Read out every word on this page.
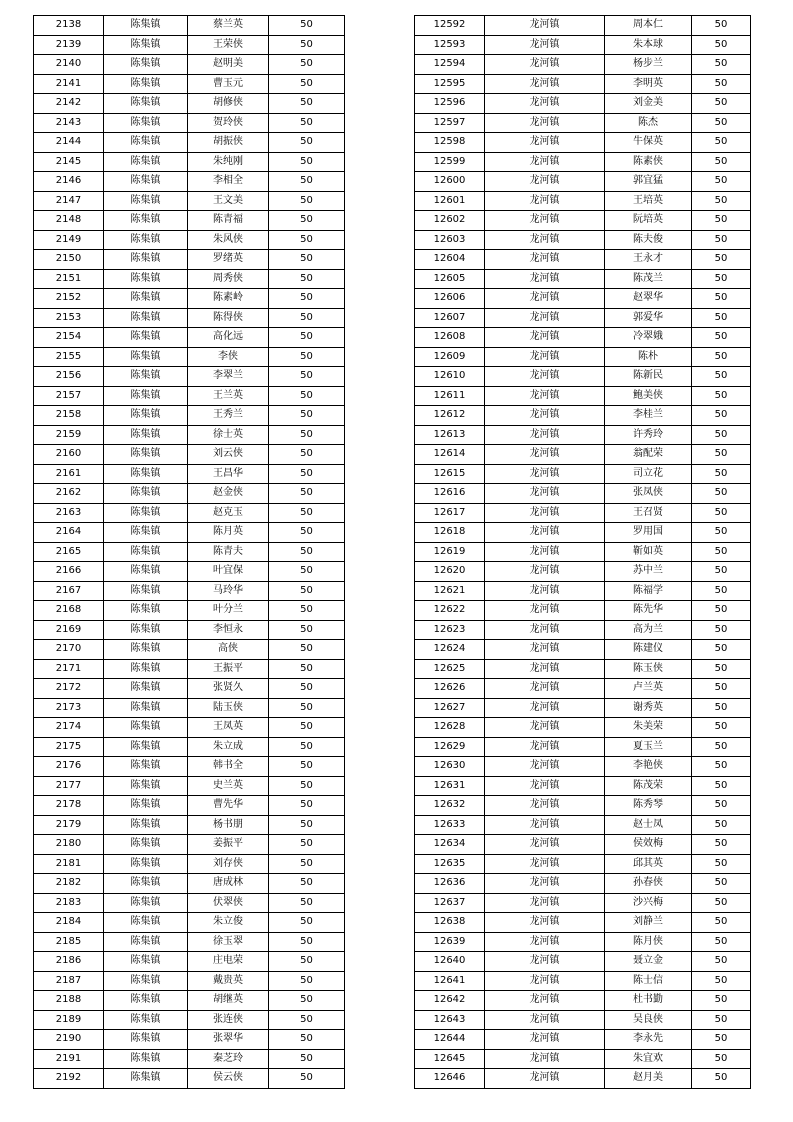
2138	陈集镇	蔡兰英	50
2139	陈集镇	王荣侠	50
2140	陈集镇	赵明美	50
2141	陈集镇	曹玉元	50
2142	陈集镇	胡修侠	50
2143	陈集镇	贺玲侠	50
2144	陈集镇	胡振侠	50
2145	陈集镇	朱纯刚	50
2146	陈集镇	李相全	50
2147	陈集镇	王文美	50
2148	陈集镇	陈青福	50
2149	陈集镇	朱风侠	50
2150	陈集镇	罗绪英	50
2151	陈集镇	周秀侠	50
2152	陈集镇	陈素岭	50
2153	陈集镇	陈得侠	50
2154	陈集镇	高化远	50
2155	陈集镇	李侠	50
2156	陈集镇	李翠兰	50
2157	陈集镇	王兰英	50
2158	陈集镇	王秀兰	50
2159	陈集镇	徐士英	50
2160	陈集镇	刘云侠	50
2161	陈集镇	王昌华	50
2162	陈集镇	赵金侠	50
2163	陈集镇	赵克玉	50
2164	陈集镇	陈月英	50
2165	陈集镇	陈青夫	50
2166	陈集镇	叶宜保	50
2167	陈集镇	马玲华	50
2168	陈集镇	叶分兰	50
2169	陈集镇	李恒永	50
2170	陈集镇	高侠	50
2171	陈集镇	王振平	50
2172	陈集镇	张贤久	50
2173	陈集镇	陆玉侠	50
2174	陈集镇	王凤英	50
2175	陈集镇	朱立成	50
2176	陈集镇	韩书全	50
2177	陈集镇	史兰英	50
2178	陈集镇	曹先华	50
2179	陈集镇	杨书朋	50
2180	陈集镇	姜振平	50
2181	陈集镇	刘存侠	50
2182	陈集镇	唐成林	50
2183	陈集镇	伏翠侠	50
2184	陈集镇	朱立俊	50
2185	陈集镇	徐玉翠	50
2186	陈集镇	庄电荣	50
2187	陈集镇	戴贵英	50
2188	陈集镇	胡继英	50
2189	陈集镇	张连侠	50
2190	陈集镇	张翠华	50
2191	陈集镇	秦芝玲	50
2192	陈集镇	侯云侠	50
12592	龙河镇	周本仁	50
12593	龙河镇	朱本球	50
12594	龙河镇	杨步兰	50
12595	龙河镇	李明英	50
12596	龙河镇	刘金美	50
12597	龙河镇	陈杰	50
12598	龙河镇	牛保英	50
12599	龙河镇	陈素侠	50
12600	龙河镇	郭宜猛	50
12601	龙河镇	王培英	50
12602	龙河镇	阮培英	50
12603	龙河镇	陈夫俊	50
12604	龙河镇	王永才	50
12605	龙河镇	陈茂兰	50
12606	龙河镇	赵翠华	50
12607	龙河镇	郭爱华	50
12608	龙河镇	冷翠娥	50
12609	龙河镇	陈朴	50
12610	龙河镇	陈新民	50
12611	龙河镇	鲍美侠	50
12612	龙河镇	李桂兰	50
12613	龙河镇	许秀玲	50
12614	龙河镇	翁配荣	50
12615	龙河镇	司立花	50
12616	龙河镇	张凤侠	50
12617	龙河镇	王召贤	50
12618	龙河镇	罗用国	50
12619	龙河镇	靳如英	50
12620	龙河镇	苏中兰	50
12621	龙河镇	陈福学	50
12622	龙河镇	陈先华	50
12623	龙河镇	高为兰	50
12624	龙河镇	陈建仪	50
12625	龙河镇	陈玉侠	50
12626	龙河镇	卢兰英	50
12627	龙河镇	谢秀英	50
12628	龙河镇	朱美荣	50
12629	龙河镇	夏玉兰	50
12630	龙河镇	李艳侠	50
12631	龙河镇	陈茂荣	50
12632	龙河镇	陈秀琴	50
12633	龙河镇	赵士凤	50
12634	龙河镇	侯效梅	50
12635	龙河镇	邱其英	50
12636	龙河镇	孙春侠	50
12637	龙河镇	沙兴梅	50
12638	龙河镇	刘静兰	50
12639	龙河镇	陈月侠	50
12640	龙河镇	聂立金	50
12641	龙河镇	陈士信	50
12642	龙河镇	杜书勤	50
12643	龙河镇	吴良侠	50
12644	龙河镇	李永先	50
12645	龙河镇	朱宜欢	50
12646	龙河镇	赵月美	50
